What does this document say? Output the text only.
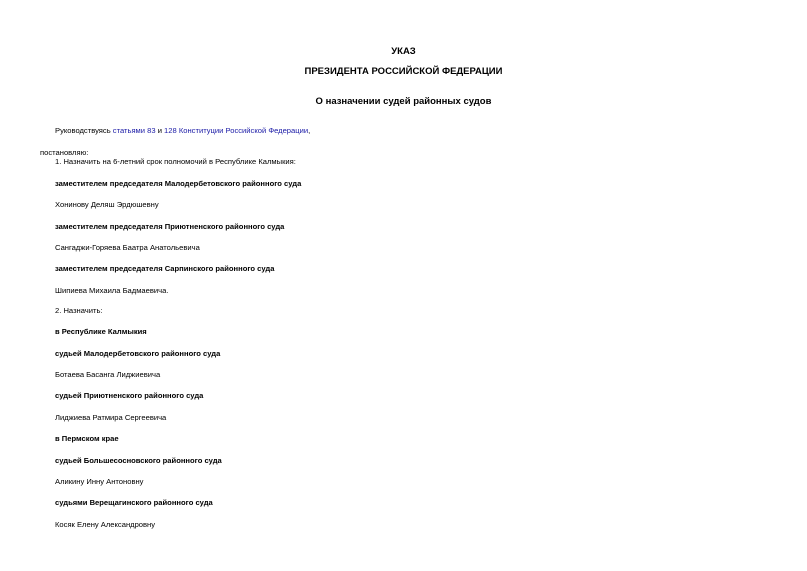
УКАЗ
ПРЕЗИДЕНТА РОССИЙСКОЙ ФЕДЕРАЦИИ
О назначении судей районных судов
Руководствуясь статьями 83 и 128 Конституции Российской Федерации,
постановляю:
1. Назначить на 6-летний срок полномочий в Республике Калмыкия:
заместителем председателя Малодербетовского районного суда
Хонинову Деляш Эрдюшевну
заместителем председателя Приютненского районного суда
Сангаджи-Горяева Баатра Анатольевича
заместителем председателя Сарпинского районного суда
Шипиева Михаила Бадмаевича.
2. Назначить:
в Республике Калмыкия
судьей Малодербетовского районного суда
Ботаева Басанга Лиджиевича
судьей Приютненского районного суда
Лиджиева Ратмира Сергеевича
в Пермском крае
судьей Большесосновского районного суда
Аликину Инну Антоновну
судьями Верещагинского районного суда
Косяк Елену Александровну
